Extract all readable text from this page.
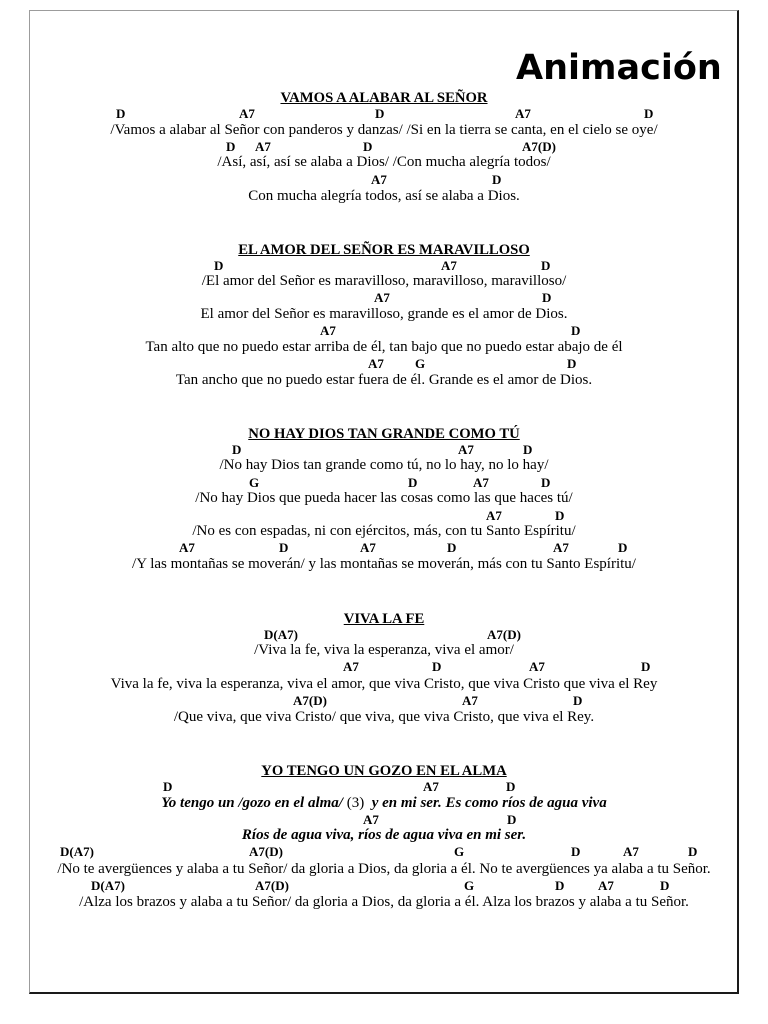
Animación
VAMOS A ALABAR AL SEÑOR
D	A7	D	A7	D
/Vamos a alabar al Señor con panderos y danzas/ /Si en la tierra se canta, en el cielo se oye/
D A7	D	A7(D)
/Así, así, así se alaba a Dios/ /Con mucha alegría todos/
A7	D
Con mucha alegría todos, así se alaba a Dios.
EL AMOR DEL SEÑOR ES MARAVILLOSO
D	A7	D
/El amor del Señor es maravilloso, maravilloso, maravilloso/
A7	D
El amor del Señor es maravilloso, grande es el amor de Dios.
A7	D
Tan alto que no puedo estar arriba de él, tan bajo que no puedo estar abajo de él
A7 G	D
Tan ancho que no puedo estar fuera de él. Grande es el amor de Dios.
NO HAY DIOS TAN GRANDE COMO TÚ
D	A7	D
/No hay Dios tan grande como tú, no lo hay, no lo hay/
G	D	A7	D
/No hay Dios que pueda hacer las cosas como las que haces tú/
A7	D
/No es con espadas, ni con ejércitos, más, con tu Santo Espíritu/
A7	D	A7	D	A7	D
/Y las montañas se moverán/ y las montañas se moverán, más con tu Santo Espíritu/
VIVA LA FE
D(A7)	A7(D)
/Viva la fe, viva la esperanza, viva el amor/
A7	D	A7	D
Viva la fe, viva la esperanza, viva el amor, que viva Cristo, que viva Cristo que viva el Rey
A7(D)	A7	D
/Que viva, que viva Cristo/ que viva, que viva Cristo, que viva el Rey.
YO TENGO UN GOZO EN EL ALMA
D	A7	D
Yo tengo un /gozo en el alma/ (3) y en mi ser. Es como ríos de agua viva
A7	D
Ríos de agua viva, ríos de agua viva en mi ser.
D(A7)	A7(D)	G	D	A7	D
/No te avergüences y alaba a tu Señor/ da gloria a Dios, da gloria a él. No te avergüences ya alaba a tu Señor.
D(A7)	A7(D)	G	D	A7	D
/Alza los brazos y alaba a tu Señor/ da gloria a Dios, da gloria a él. Alza los brazos y alaba a tu Señor.
